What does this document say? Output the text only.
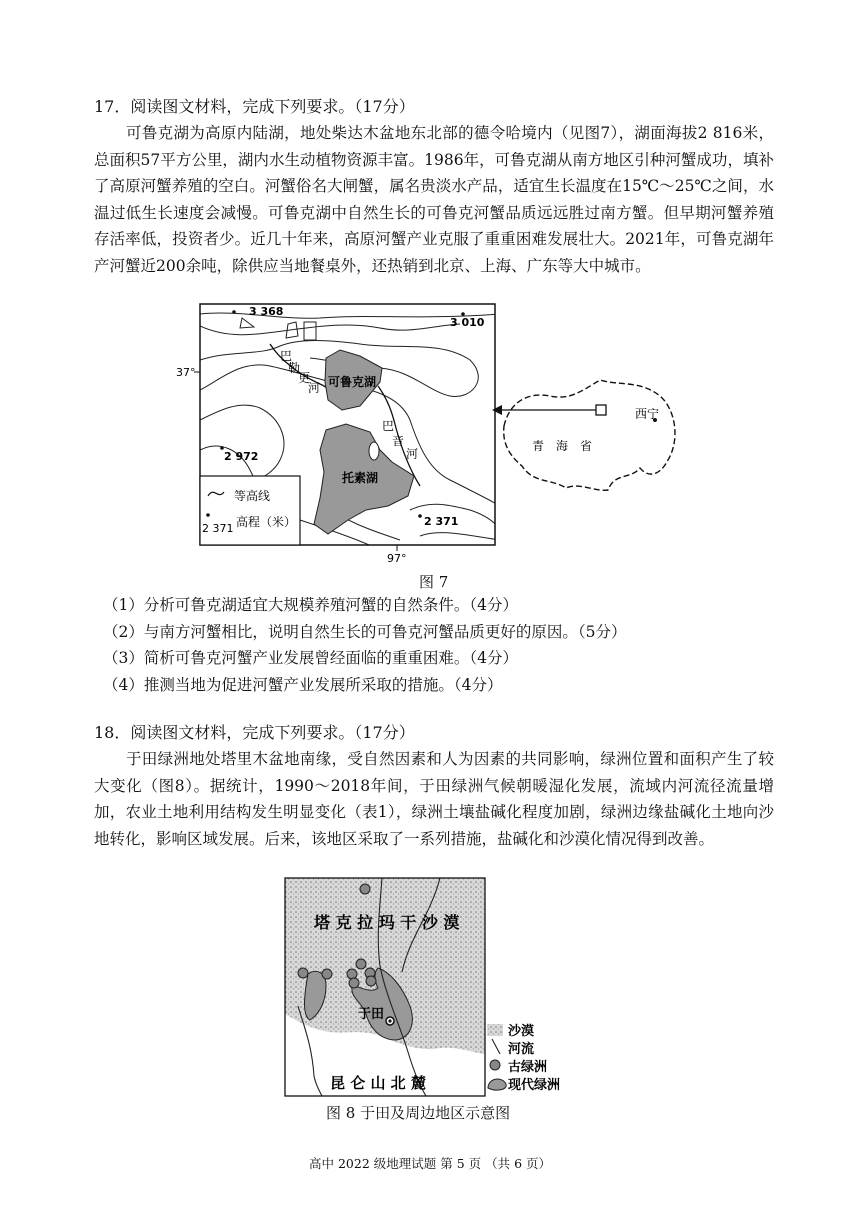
17．阅读图文材料，完成下列要求。（17分）

可鲁克湖为高原内陆湖，地处柴达木盆地东北部的德令哈境内（见图7），湖面海拔2 816米，总面积57平方公里，湖内水生动植物资源丰富。1986年，可鲁克湖从南方地区引种河蟹成功，填补了高原河蟹养殖的空白。河蟹俗名大闸蟹，属名贵淡水产品，适宜生长温度在15℃～25℃之间，水温过低生长速度会减慢。可鲁克湖中自然生长的可鲁克河蟹品质远远胜过南方蟹。但早期河蟹养殖存活率低，投资者少。近几十年来，高原河蟹产业克服了重重困难发展壮大。2021年，可鲁克湖年产河蟹近200余吨，除供应当地餐桌外，还热销到北京、上海、广东等大中城市。

等高线
2 371 高程（米）
3 368
3 010
2 972
2 371
37°
97°
巴
勒
更
河
巴
音
河
可鲁克湖
托素湖
西宁
青　海　省
图 7
（1）分析可鲁克湖适宜大规模养殖河蟹的自然条件。（4分）
（2）与南方河蟹相比，说明自然生长的可鲁克河蟹品质更好的原因。（5分）
（3）简析可鲁克河蟹产业发展曾经面临的重重困难。（4分）
（4）推测当地为促进河蟹产业发展所采取的措施。（4分）
18．阅读图文材料，完成下列要求。（17分）

于田绿洲地处塔里木盆地南缘，受自然因素和人为因素的共同影响，绿洲位置和面积产生了较大变化（图8）。据统计，1990～2018年间，于田绿洲气候朝暖湿化发展，流域内河流径流量增加，农业土地利用结构发生明显变化（表1），绿洲土壤盐碱化程度加剧，绿洲边缘盐碱化土地向沙地转化，影响区域发展。后来，该地区采取了一系列措施，盐碱化和沙漠化情况得到改善。

塔 克 拉 玛 干 沙 漠
于田
昆 仑 山 北 麓
沙漠
河流
古绿洲
现代绿洲
图 8 于田及周边地区示意图
高中 2022 级地理试题 第 5 页 （共 6 页）
